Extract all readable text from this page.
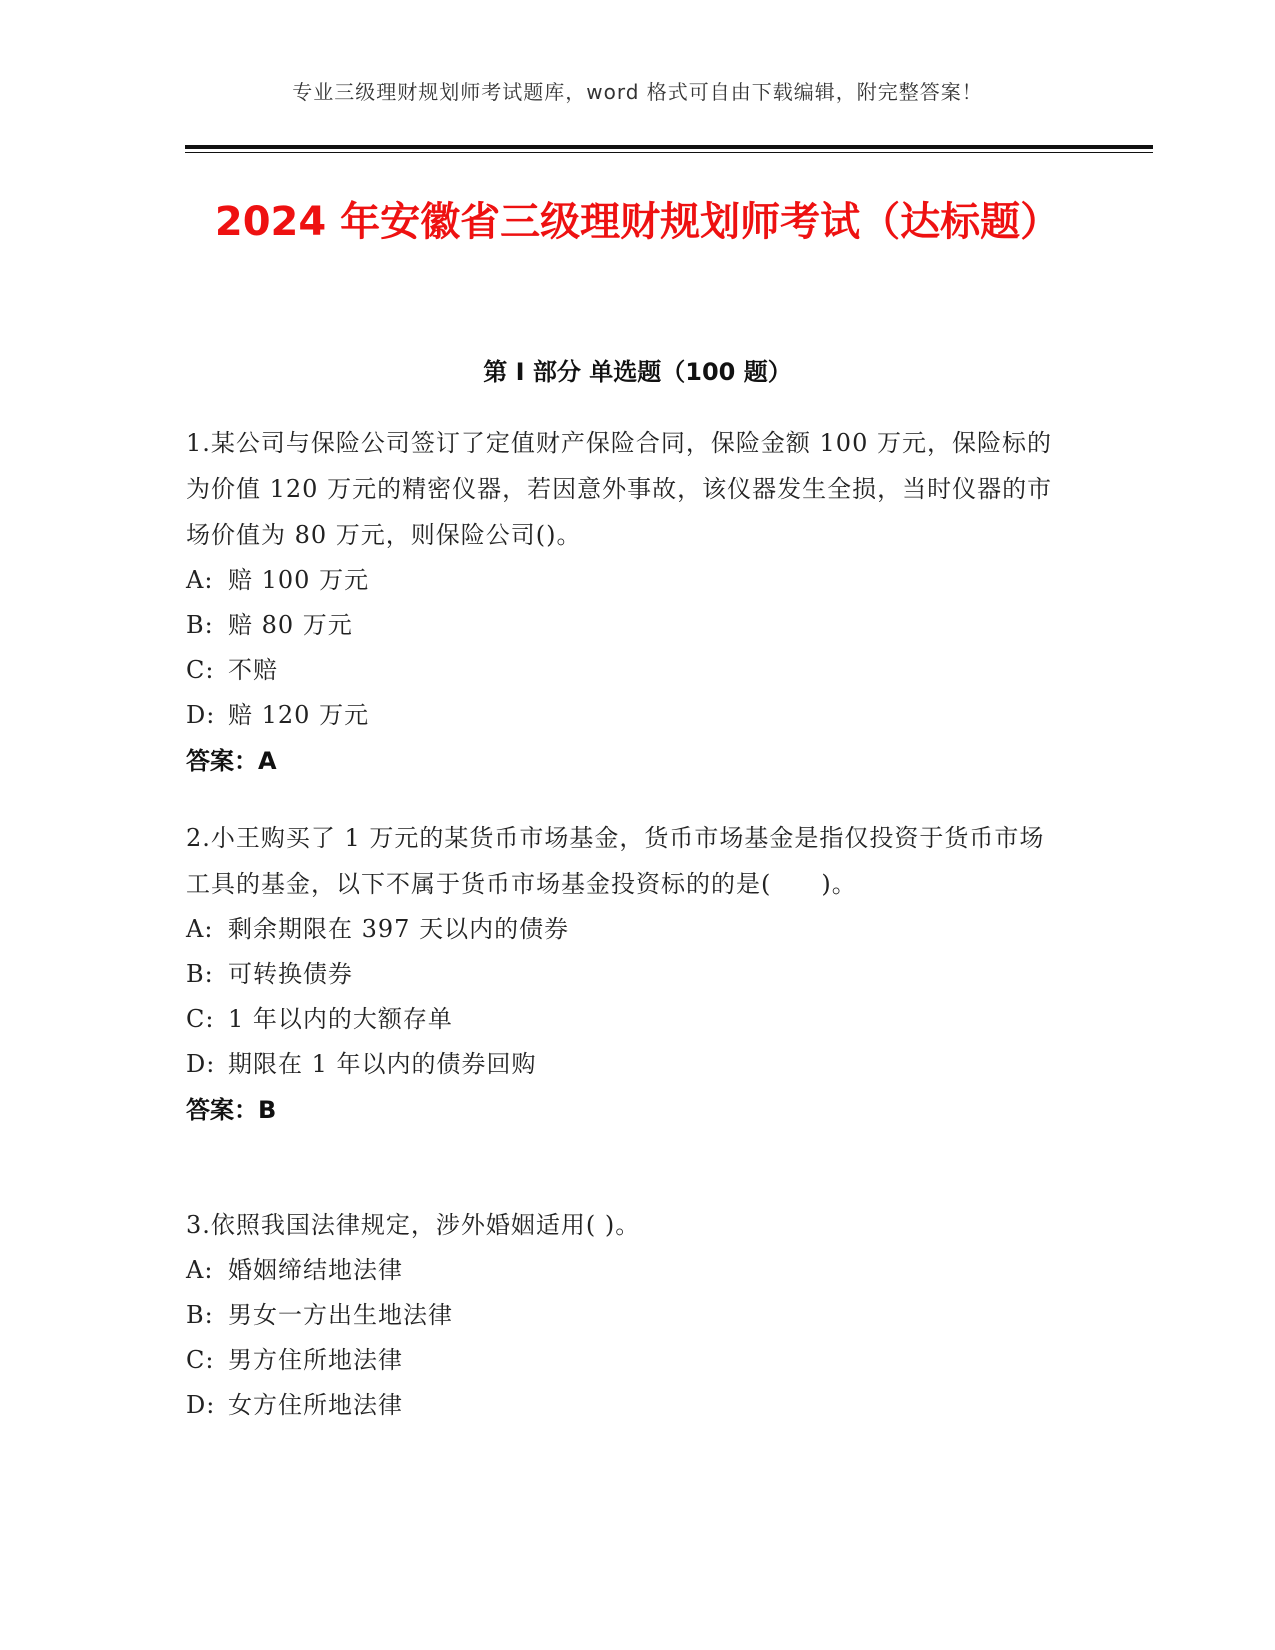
专业三级理财规划师考试题库，word 格式可自由下载编辑，附完整答案！
2024 年安徽省三级理财规划师考试（达标题）
第 I 部分 单选题（100 题）

1.某公司与保险公司签订了定值财产保险合同，保险金额 100 万元，保险标的为价值 120 万元的精密仪器，若因意外事故，该仪器发生全损，当时仪器的市场价值为 80 万元，则保险公司()。

A: 赔 100 万元
B: 赔 80 万元
C: 不赔
D: 赔 120 万元
答案：A

2.小王购买了 1 万元的某货币市场基金，货币市场基金是指仅投资于货币市场工具的基金，以下不属于货币市场基金投资标的的是(　　)。

A: 剩余期限在 397 天以内的债券
B: 可转换债券
C: 1 年以内的大额存单
D: 期限在 1 年以内的债券回购
答案：B

3.依照我国法律规定，涉外婚姻适用( )。

A: 婚姻缔结地法律
B: 男女一方出生地法律
C: 男方住所地法律
D: 女方住所地法律
